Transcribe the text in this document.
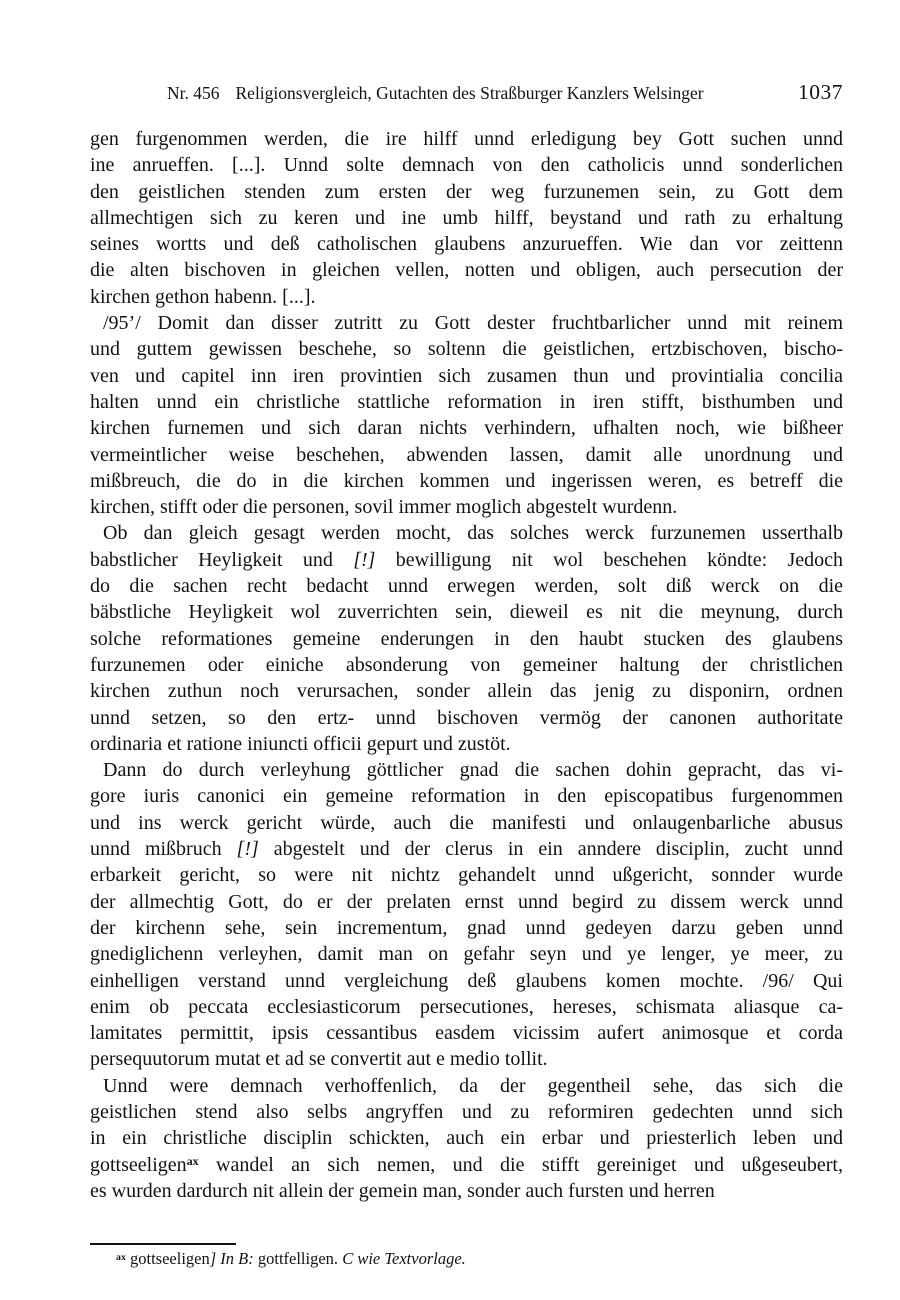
Nr. 456 Religionsvergleich, Gutachten des Straßburger Kanzlers Welsinger	1037
gen furgenommen werden, die ire hilff unnd erledigung bey Gott suchen unnd
ine anrueffen. [...]. Unnd solte demnach von den catholicis unnd sonderlichen
den geistlichen stenden zum ersten der weg furzunemen sein, zu Gott dem
allmechtigen sich zu keren und ine umb hilff, beystand und rath zu erhaltung
seines wortts und deß catholischen glaubens anzurueffen. Wie dan vor zeittenn
die alten bischoven in gleichen vellen, notten und obligen, auch persecution der
kirchen gethon habenn. [...].
/95’/ Domit dan disser zutritt zu Gott dester fruchtbarlicher unnd mit reinem
und guttem gewissen beschehe, so soltenn die geistlichen, ertzbischoven, bischo-
ven und capitel inn iren provintien sich zusamen thun und provintialia concilia
halten unnd ein christliche stattliche reformation in iren stifft, bisthumben und
kirchen furnemen und sich daran nichts verhindern, ufhalten noch, wie bißheer
vermeintlicher weise beschehen, abwenden lassen, damit alle unordnung und
mißbreuch, die do in die kirchen kommen und ingerissen weren, es betreff die
kirchen, stifft oder die personen, sovil immer moglich abgestelt wurdenn.
Ob dan gleich gesagt werden mocht, das solches werck furzunemen usserthalb
babstlicher Heyligkeit und [!] bewilligung nit wol beschehen köndte: Jedoch
do die sachen recht bedacht unnd erwegen werden, solt diß werck on die
bäbstliche Heyligkeit wol zuverrichten sein, dieweil es nit die meynung, durch
solche reformationes gemeine enderungen in den haubt stucken des glaubens
furzunemen oder einiche absonderung von gemeiner haltung der christlichen
kirchen zuthun noch verursachen, sonder allein das jenig zu disponirn, ordnen
unnd setzen, so den ertz- unnd bischoven vermög der canonen authoritate
ordinaria et ratione iniuncti officii gepurt und zustöt.
Dann do durch verleyhung göttlicher gnad die sachen dohin gepracht, das vi-
gore iuris canonici ein gemeine reformation in den episcopatibus furgenommen
und ins werck gericht würde, auch die manifesti und onlaugenbarliche abusus
unnd mißbruch [!] abgestelt und der clerus in ein anndere disciplin, zucht unnd
erbarkeit gericht, so were nit nichtz gehandelt unnd ußgericht, sonnder wurde
der allmechtig Gott, do er der prelaten ernst unnd begird zu dissem werck unnd
der kirchenn sehe, sein incrementum, gnad unnd gedeyen darzu geben unnd
gnediglichenn verleyhen, damit man on gefahr seyn und ye lenger, ye meer, zu
einhelligen verstand unnd vergleichung deß glaubens komen mochte. /96/ Qui
enim ob peccata ecclesiasticorum persecutiones, hereses, schismata aliasque ca-
lamitates permittit, ipsis cessantibus easdem vicissim aufert animosque et corda
persequutorum mutat et ad se convertit aut e medio tollit.
Unnd were demnach verhoffenlich, da der gegentheil sehe, das sich die
geistlichen stend also selbs angryffen und zu reformiren gedechten unnd sich
in ein christliche disciplin schickten, auch ein erbar und priesterlich leben und
gottseeligen$^{ax}$ wandel an sich nemen, und die stifft gereiniget und ußgeseubert,
es wurden dardurch nit allein der gemein man, sonder auch fursten und herren
$^{ax}$ gottseeligen] In B: gottfelligen. C wie Textvorlage.
